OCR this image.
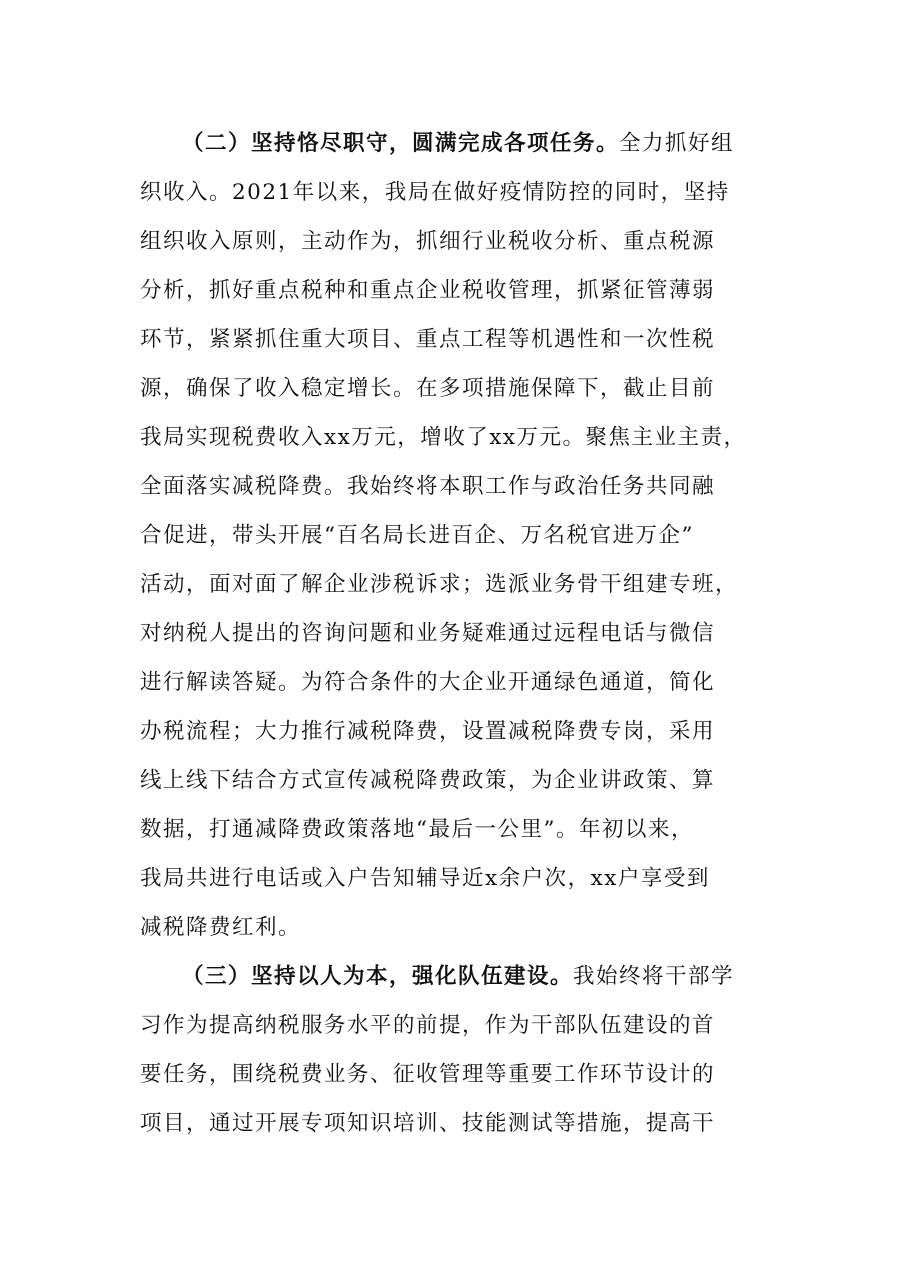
（二）坚持恪尽职守，圆满完成各项任务。全力抓好组
织收入。2021年以来，我局在做好疫情防控的同时，坚持
组织收入原则，主动作为，抓细行业税收分析、重点税源
分析，抓好重点税种和重点企业税收管理，抓紧征管薄弱
环节，紧紧抓住重大项目、重点工程等机遇性和一次性税
源，确保了收入稳定增长。在多项措施保障下，截止目前
我局实现税费收入xx万元，增收了xx万元。聚焦主业主责，
全面落实减税降费。我始终将本职工作与政治任务共同融
合促进，带头开展“百名局长进百企、万名税官进万企”
活动，面对面了解企业涉税诉求；选派业务骨干组建专班，
对纳税人提出的咨询问题和业务疑难通过远程电话与微信
进行解读答疑。为符合条件的大企业开通绿色通道，简化
办税流程；大力推行减税降费，设置减税降费专岗，采用
线上线下结合方式宣传减税降费政策，为企业讲政策、算
数据，打通减降费政策落地“最后一公里”。年初以来，
我局共进行电话或入户告知辅导近x余户次，xx户享受到
减税降费红利。
（三）坚持以人为本，强化队伍建设。我始终将干部学
习作为提高纳税服务水平的前提，作为干部队伍建设的首
要任务，围绕税费业务、征收管理等重要工作环节设计的
项目，通过开展专项知识培训、技能测试等措施，提高干
